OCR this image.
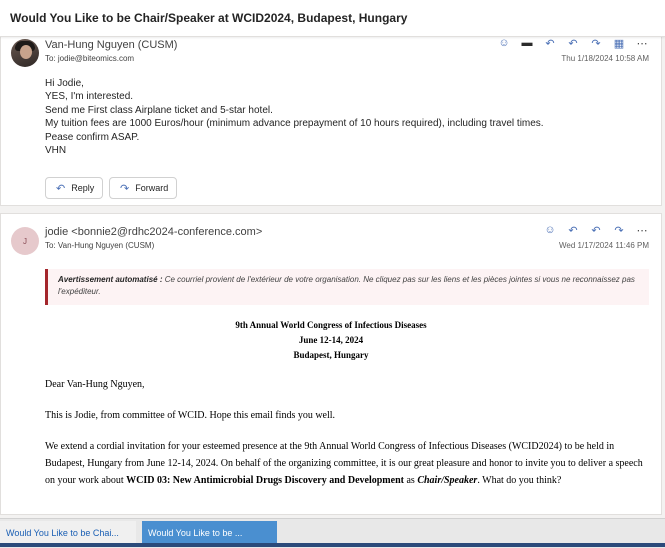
Would You Like to be Chair/Speaker at WCID2024, Budapest, Hungary
Van-Hung Nguyen (CUSM)
To: jodie@biteomics.com
☺ ▬ ↶ ↶ ↷ ▦ ⋯
Thu 1/18/2024 10:58 AM
Hi Jodie,
YES, I'm interested.
Send me First class Airplane ticket and 5-star hotel.
My tuition fees are 1000 Euros/hour (minimum advance prepayment of 10 hours required), including travel times.
Pease confirm ASAP.
VHN
↶ Reply ↷ Forward
J
jodie <bonnie2@rdhc2024-conference.com>
To: Van-Hung Nguyen (CUSM)
☺ ↶ ↶ ↷ ⋯
Wed 1/17/2024 11:46 PM
Avertissement automatisé : Ce courriel provient de l'extérieur de votre organisation. Ne cliquez pas sur les liens et les pièces jointes si vous ne reconnaissez pas l'expéditeur.
9th Annual World Congress of Infectious Diseases
June 12-14, 2024
Budapest, Hungary
Dear Van-Hung Nguyen,
This is Jodie, from committee of WCID. Hope this email finds you well.
We extend a cordial invitation for your esteemed presence at the 9th Annual World Congress of Infectious Diseases (WCID2024) to be held in Budapest, Hungary from June 12-14, 2024. On behalf of the organizing committee, it is our great pleasure and honor to invite you to deliver a speech on your work about WCID 03: New Antimicrobial Drugs Discovery and Development as Chair/Speaker. What do you think?
Would You Like to be Chai...	Would You Like to be ...
